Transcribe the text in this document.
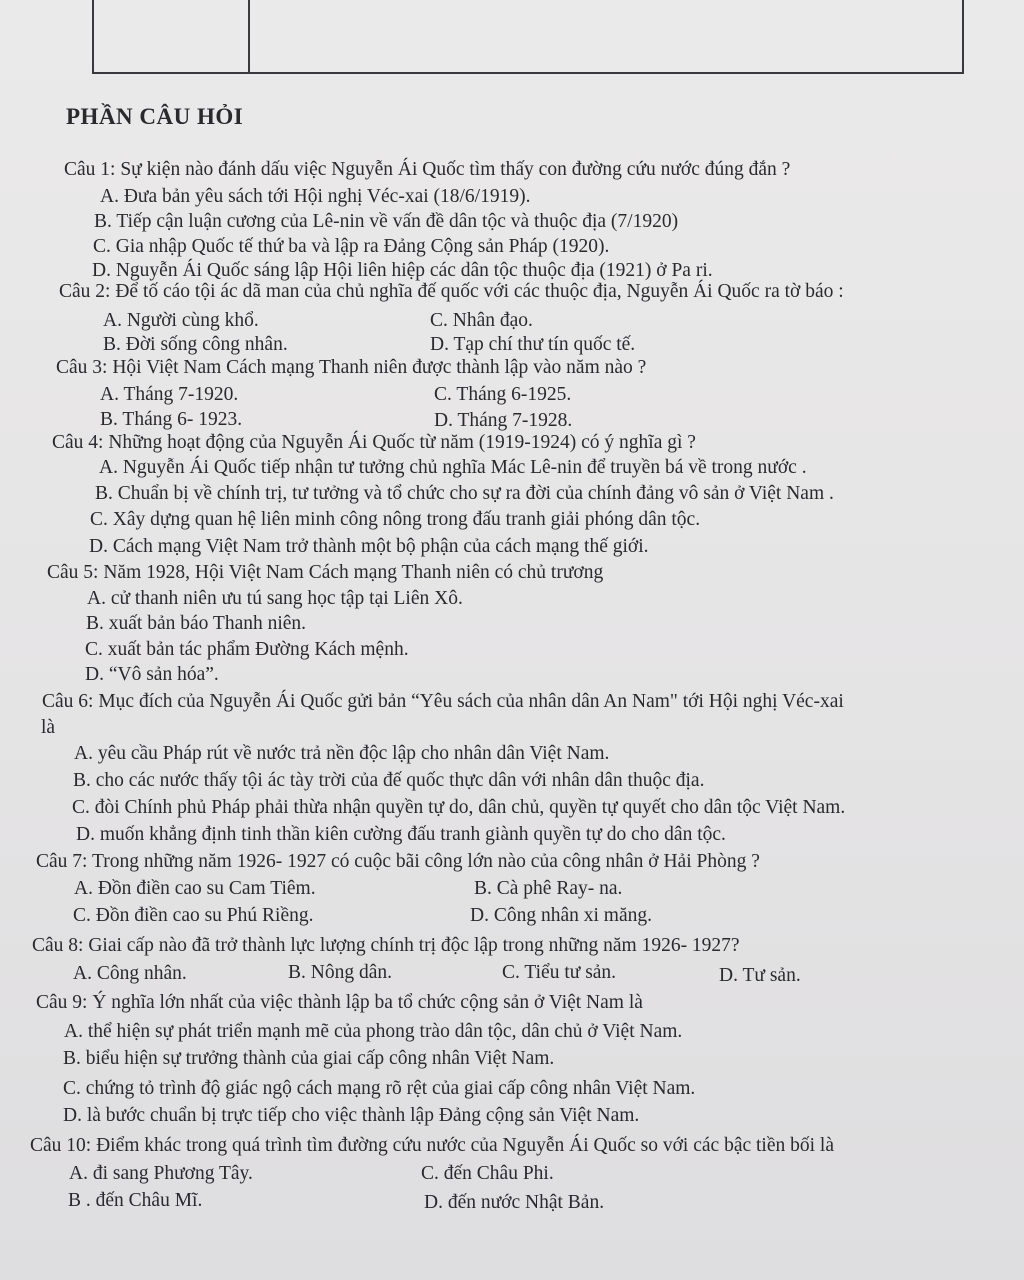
PHẦN CÂU HỎI
Câu 1: Sự kiện nào đánh dấu việc Nguyễn Ái Quốc tìm thấy con đường cứu nước đúng đắn ?
A. Đưa bản yêu sách tới Hội nghị Véc-xai (18/6/1919).
B. Tiếp cận luận cương của Lê-nin về vấn đề dân tộc và thuộc địa (7/1920)
C. Gia nhập Quốc tế thứ ba và lập ra Đảng Cộng sản Pháp (1920).
D. Nguyễn Ái Quốc sáng lập Hội liên hiệp các dân tộc thuộc địa (1921) ở Pa ri.
Câu 2: Để tố cáo tội ác dã man của chủ nghĩa đế quốc với các thuộc địa, Nguyễn Ái Quốc ra tờ báo :
A. Người cùng khổ.	C. Nhân đạo.
B. Đời sống công nhân.	D. Tạp chí thư tín quốc tế.
Câu 3: Hội Việt Nam Cách mạng Thanh niên được thành lập vào năm nào ?
A. Tháng 7-1920.	C. Tháng 6-1925.
B. Tháng 6- 1923.	D. Tháng 7-1928.
Câu 4: Những hoạt động của Nguyễn Ái Quốc từ năm (1919-1924) có ý nghĩa gì ?
A. Nguyễn Ái Quốc tiếp nhận tư tưởng chủ nghĩa Mác Lê-nin để truyền bá về trong nước .
B. Chuẩn bị về chính trị, tư tưởng và tổ chức cho sự ra đời của chính đảng vô sản ở Việt Nam .
C. Xây dựng quan hệ liên minh công nông trong đấu tranh giải phóng dân tộc.
D. Cách mạng Việt Nam trở thành một bộ phận của cách mạng thế giới.
Câu 5: Năm 1928, Hội Việt Nam Cách mạng Thanh niên có chủ trương
A. cử thanh niên ưu tú sang học tập tại Liên Xô.
B. xuất bản báo Thanh niên.
C. xuất bản tác phẩm Đường Kách mệnh.
D. “Vô sản hóa”.
Câu 6: Mục đích của Nguyễn Ái Quốc gửi bản “Yêu sách của nhân dân An Nam" tới Hội nghị Véc-xai
là
A. yêu cầu Pháp rút về nước trả nền độc lập cho nhân dân Việt Nam.
B. cho các nước thấy tội ác tày trời của đế quốc thực dân với nhân dân thuộc địa.
C. đòi Chính phủ Pháp phải thừa nhận quyền tự do, dân chủ, quyền tự quyết cho dân tộc Việt Nam.
D. muốn khẳng định tinh thần kiên cường đấu tranh giành quyền tự do cho dân tộc.
Câu 7: Trong những năm 1926- 1927 có cuộc bãi công lớn nào của công nhân ở Hải Phòng ?
A. Đồn điền cao su Cam Tiêm.	B. Cà phê Ray- na.
C. Đồn điền cao su Phú Riềng.	D. Công nhân xi măng.
Câu 8: Giai cấp nào đã trở thành lực lượng chính trị độc lập trong những năm 1926- 1927?
A. Công nhân.	B. Nông dân.	C. Tiểu tư sản.	D. Tư sản.
Câu 9: Ý nghĩa lớn nhất của việc thành lập ba tổ chức cộng sản ở Việt Nam là
A. thể hiện sự phát triển mạnh mẽ của phong trào dân tộc, dân chủ ở Việt Nam.
B. biểu hiện sự trưởng thành của giai cấp công nhân Việt Nam.
C. chứng tỏ trình độ giác ngộ cách mạng rõ rệt của giai cấp công nhân Việt Nam.
D. là bước chuẩn bị trực tiếp cho việc thành lập Đảng cộng sản Việt Nam.
Câu 10: Điểm khác trong quá trình tìm đường cứu nước của Nguyễn Ái Quốc so với các bậc tiền bối là
A. đi sang Phương Tây.	C. đến Châu Phi.
B . đến Châu Mĩ.	D. đến nước Nhật Bản.
